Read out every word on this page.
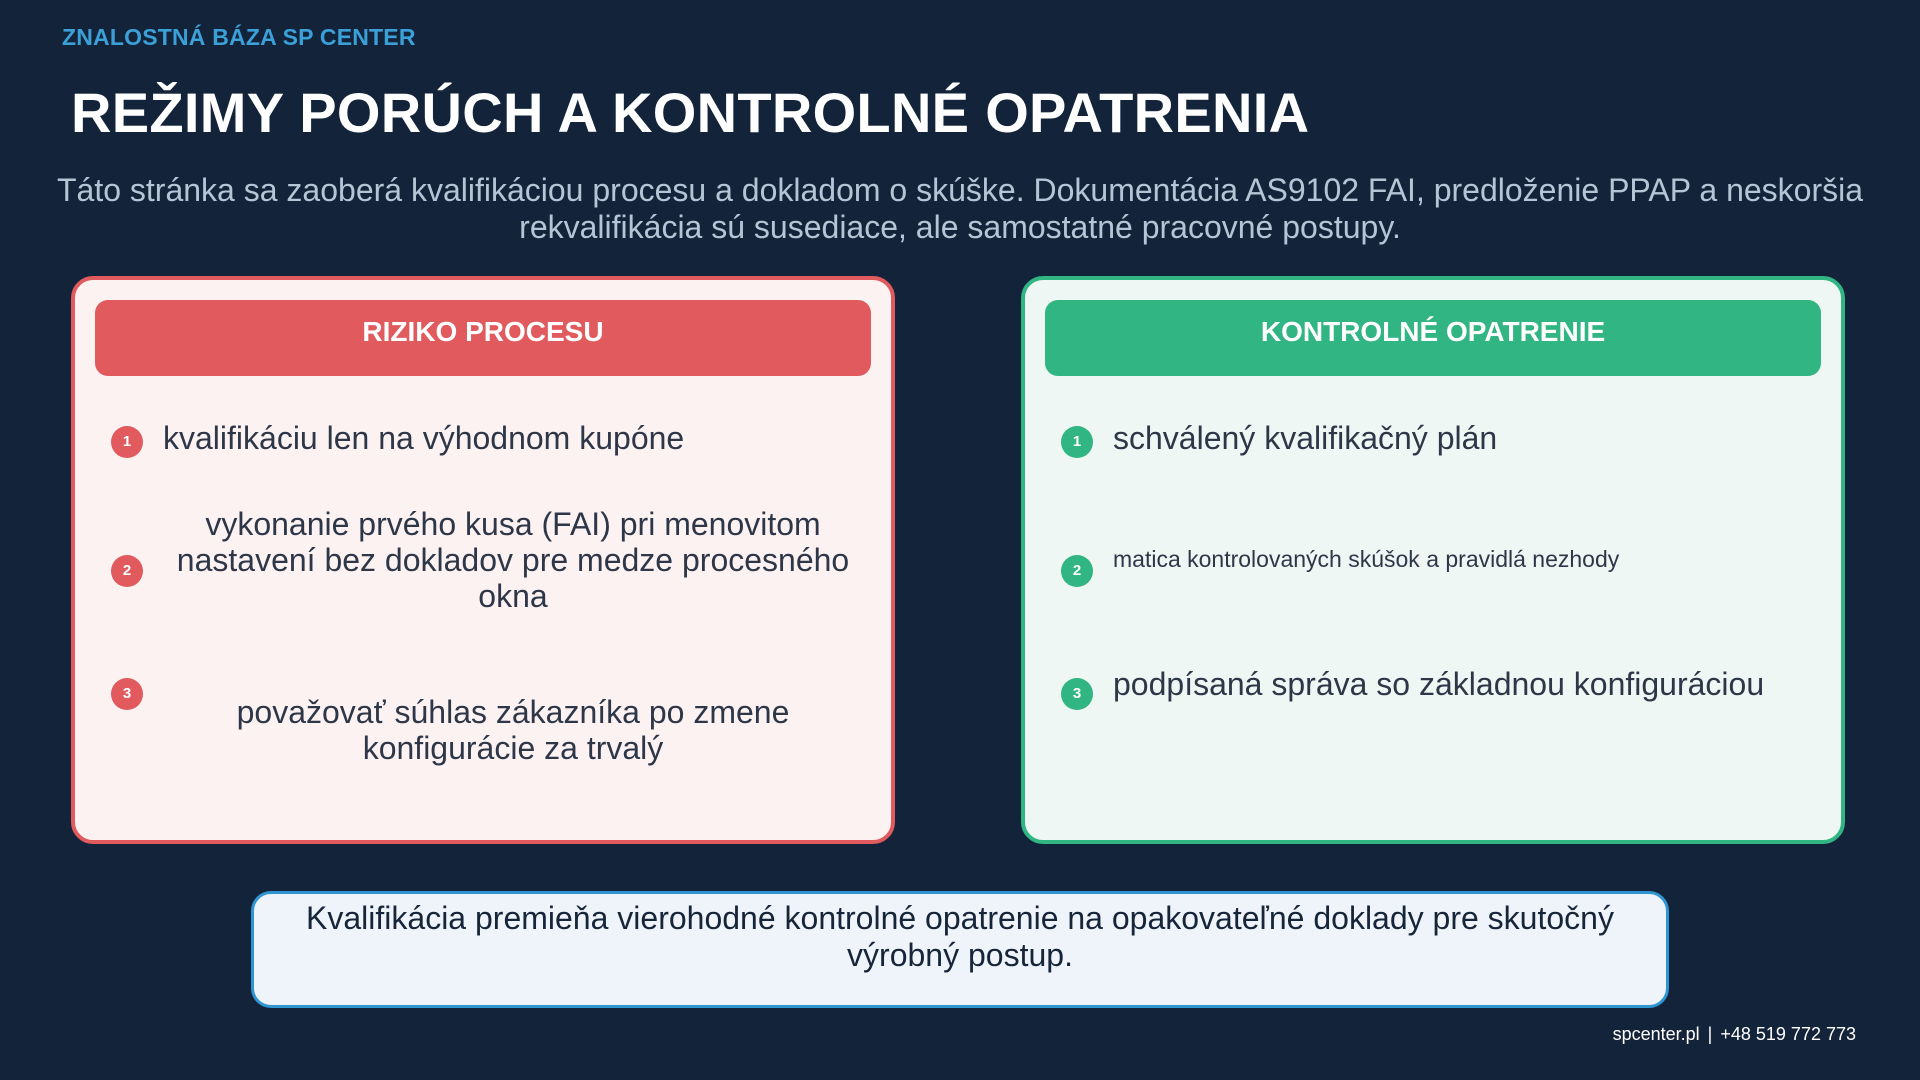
ZNALOSTNÁ BÁZA SP CENTER
REŽIMY PORÚCH A KONTROLNÉ OPATRENIA
Táto stránka sa zaoberá kvalifikáciou procesu a dokladom o skúške. Dokumentácia AS9102 FAI, predloženie PPAP a neskoršia rekvalifikácia sú susediace, ale samostatné pracovné postupy.
RIZIKO PROCESU
1 kvalifikáciu len na výhodnom kupóne
2
vykonanie prvého kusa (FAI) pri menovitom nastavení bez dokladov pre medze procesného okna
3
považovať súhlas zákazníka po zmene konfigurácie za trvalý
KONTROLNÉ OPATRENIE
1 schválený kvalifikačný plán
2	matica kontrolovaných skúšok a pravidlá nezhody
3 podpísaná správa so základnou konfiguráciou
Kvalifikácia premieňa vierohodné kontrolné opatrenie na opakovateľné doklady pre skutočný výrobný postup.
spcenter.pl | +48 519 772 773
